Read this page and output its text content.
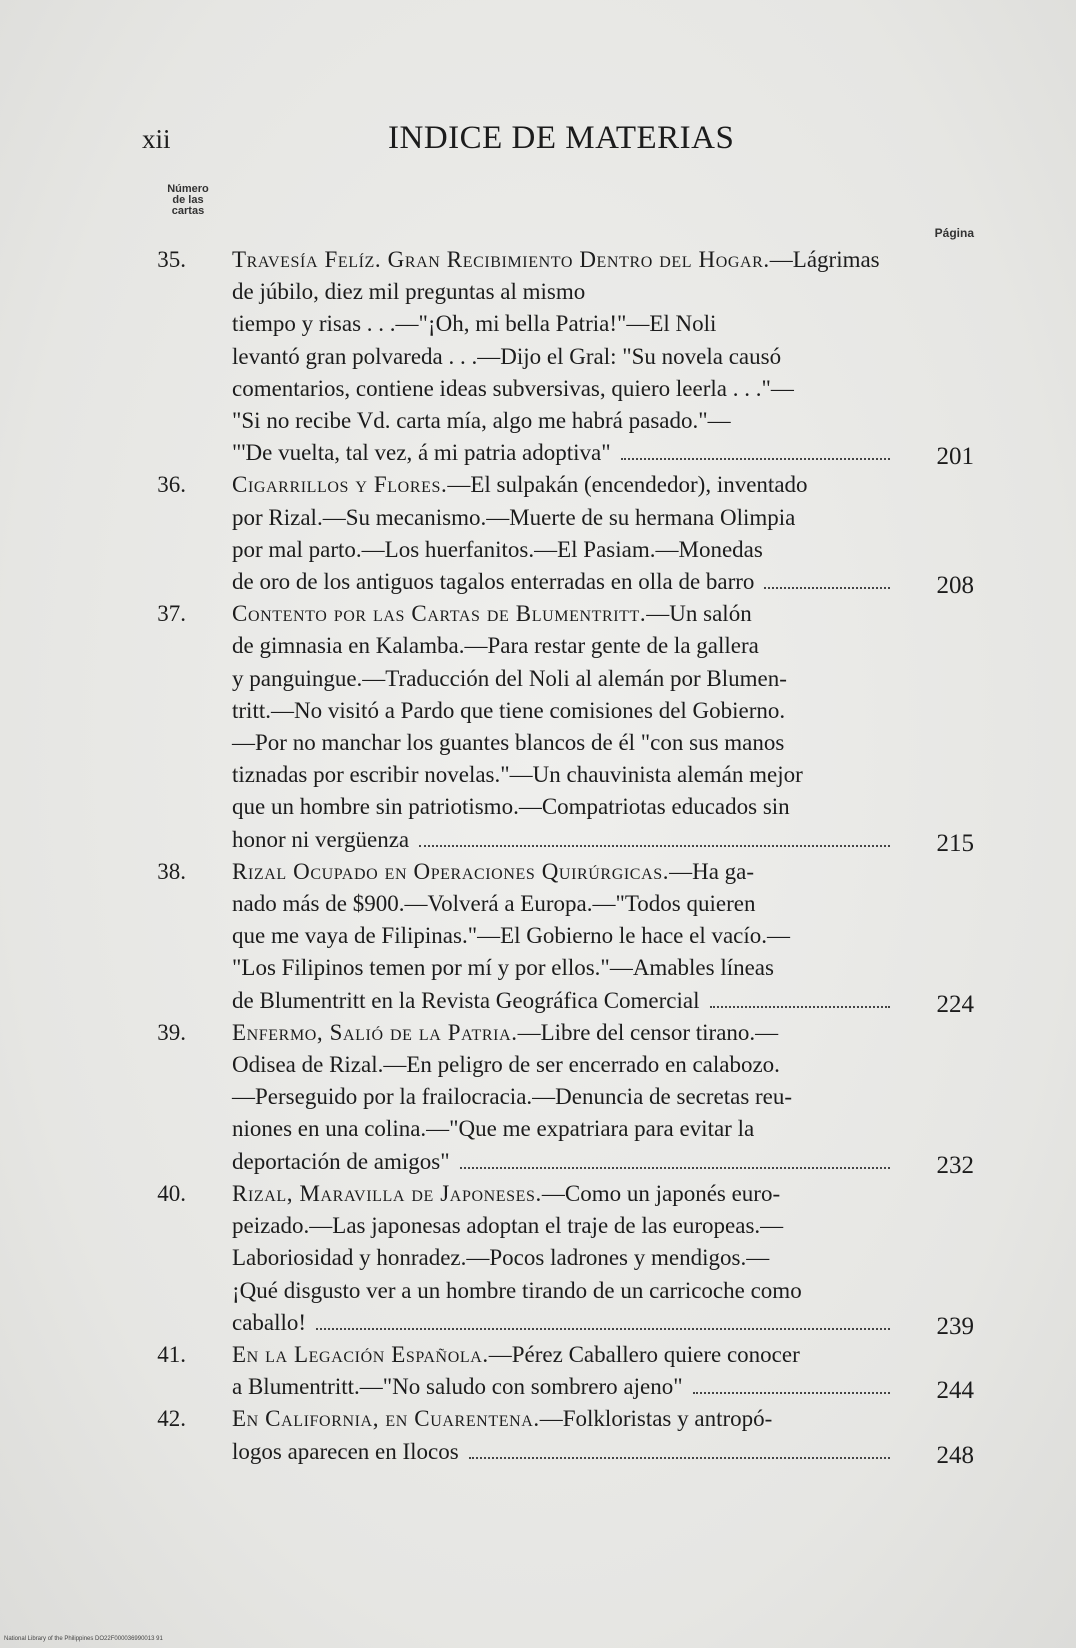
xii	INDICE DE MATERIAS
Número
de las
cartas
Página
35. Travesía Felíz. Gran Recibimiento Dentro del Hogar.—Lágrimas de júbilo, diez mil preguntas al mismo

tiempo y risas . . .—"¡Oh, mi bella Patria!"—El Noli

levantó gran polvareda . . .—Dijo el Gral: "Su novela causó

comentarios, contiene ideas subversivas, quiero leerla . . ."—

"Si no recibe Vd. carta mía, algo me habrá pasado."—

"'De vuelta, tal vez, á mi patria adoptiva"	201
36. Cigarrillos y Flores.—El sulpakán (encendedor), inventado

por Rizal.—Su mecanismo.—Muerte de su hermana Olimpia

por mal parto.—Los huerfanitos.—El Pasiam.—Monedas

de oro de los antiguos tagalos enterradas en olla de barro	208
37. Contento por las Cartas de Blumentritt.—Un salón

de gimnasia en Kalamba.—Para restar gente de la gallera

y panguingue.—Traducción del Noli al alemán por Blumen-

tritt.—No visitó a Pardo que tiene comisiones del Gobierno.

—Por no manchar los guantes blancos de él "con sus manos

tiznadas por escribir novelas."—Un chauvinista alemán mejor

que un hombre sin patriotismo.—Compatriotas educados sin

honor ni vergüenza	215
38. Rizal Ocupado en Operaciones Quirúrgicas.—Ha ga-

nado más de $900.—Volverá a Europa.—"Todos quieren

que me vaya de Filipinas."—El Gobierno le hace el vacío.—

"Los Filipinos temen por mí y por ellos."—Amables líneas

de Blumentritt en la Revista Geográfica Comercial	224
39. Enfermo, Salió de la Patria.—Libre del censor tirano.—

Odisea de Rizal.—En peligro de ser encerrado en calabozo.

—Perseguido por la frailocracia.—Denuncia de secretas reu-

niones en una colina.—"Que me expatriara para evitar la

deportación de amigos"	232
40. Rizal, Maravilla de Japoneses.—Como un japonés euro-

peizado.—Las japonesas adoptan el traje de las europeas.—

Laboriosidad y honradez.—Pocos ladrones y mendigos.—

¡Qué disgusto ver a un hombre tirando de un carricoche como

caballo!	239
41. En la Legación Española.—Pérez Caballero quiere conocer

a Blumentritt.—"No saludo con sombrero ajeno"	244
42. En California, en Cuarentena.—Folkloristas y antropó-

logos aparecen en Ilocos	248
National Library of the Philippines DO22F000036990013 91
